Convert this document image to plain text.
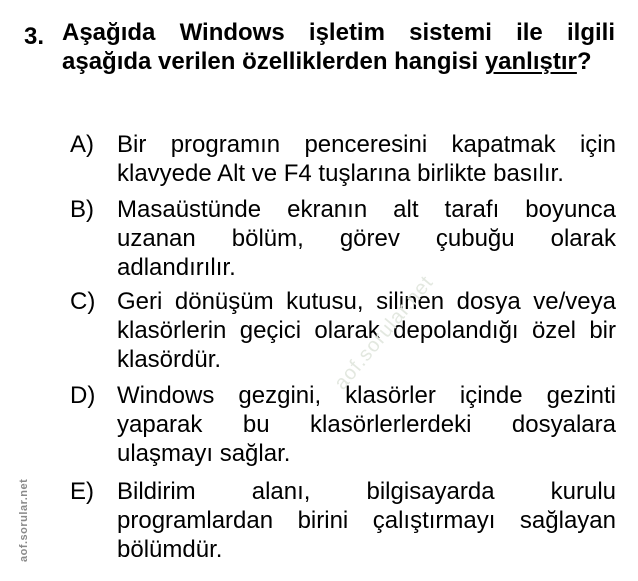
3. Aşağıda Windows işletim sistemi ile ilgili aşağıda verilen özelliklerden hangisi yanlıştır?
A) Bir programın penceresini kapatmak için klavyede Alt ve F4 tuşlarına birlikte basılır.
B) Masaüstünde ekranın alt tarafı boyunca uzanan bölüm, görev çubuğu olarak adlandırılır.
C) Geri dönüşüm kutusu, silinen dosya ve/veya klasörlerin geçici olarak depolandığı özel bir klasördür.
D) Windows gezgini, klasörler içinde gezinti yaparak bu klasörlerlerdeki dosyalara ulaşmayı sağlar.
E) Bildirim alanı, bilgisayarda kurulu programlardan birini çalıştırmayı sağlayan bölümdür.
aof.sorular.net
aof.sorular.net
